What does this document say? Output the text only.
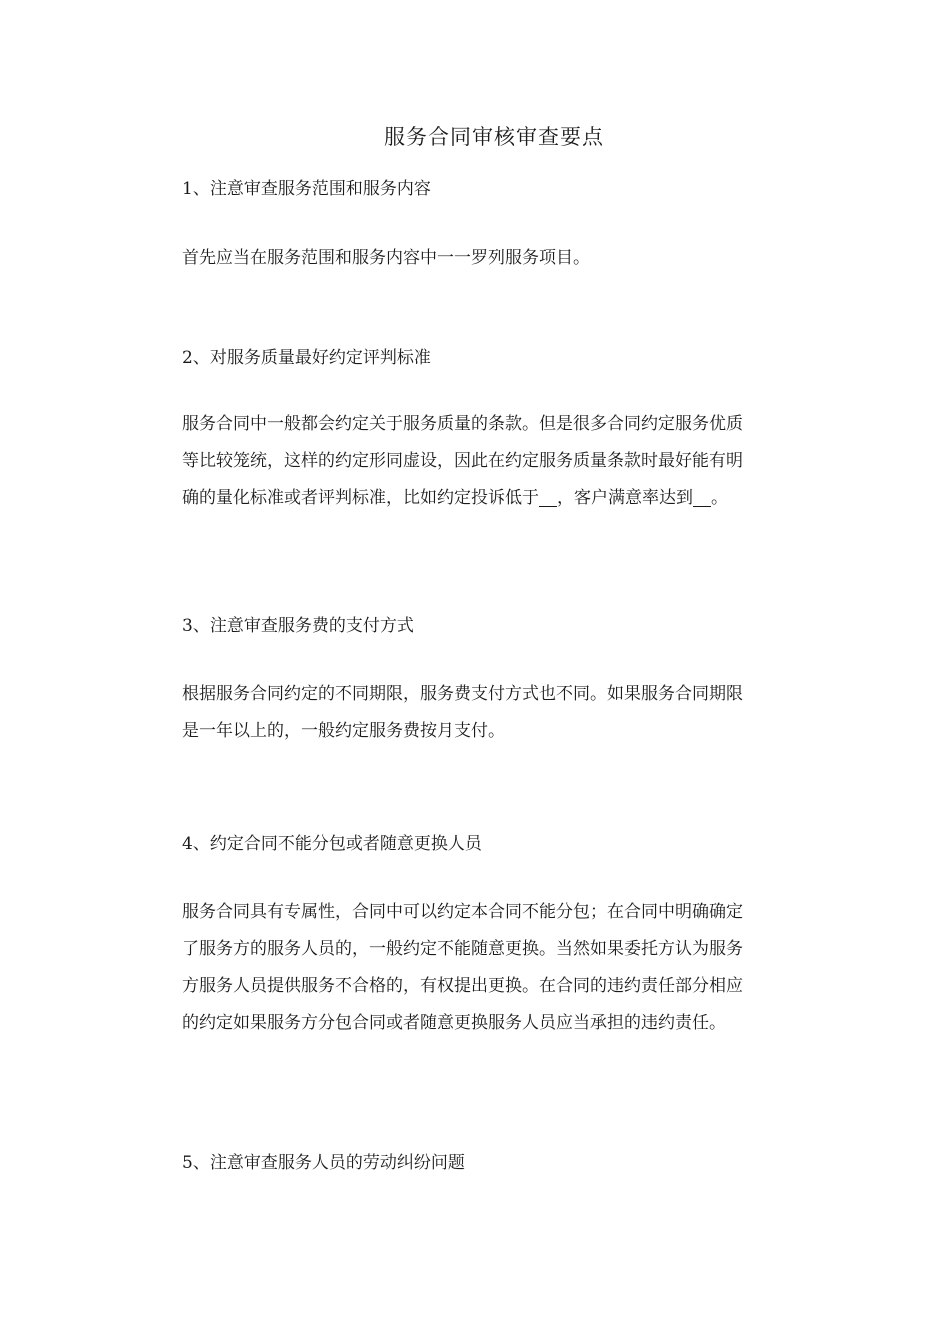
服务合同审核审查要点
1、注意审查服务范围和服务内容
首先应当在服务范围和服务内容中一一罗列服务项目。
2、对服务质量最好约定评判标准
服务合同中一般都会约定关于服务质量的条款。但是很多合同约定服务优质
等比较笼统，这样的约定形同虚设，因此在约定服务质量条款时最好能有明
确的量化标准或者评判标准，比如约定投诉低于 ，客户满意率达到 。
3、注意审查服务费的支付方式
根据服务合同约定的不同期限，服务费支付方式也不同。如果服务合同期限
是一年以上的，一般约定服务费按月支付。
4、约定合同不能分包或者随意更换人员
服务合同具有专属性，合同中可以约定本合同不能分包；在合同中明确确定
了服务方的服务人员的，一般约定不能随意更换。当然如果委托方认为服务
方服务人员提供服务不合格的，有权提出更换。在合同的违约责任部分相应
的约定如果服务方分包合同或者随意更换服务人员应当承担的违约责任。
5、注意审查服务人员的劳动纠纷问题
